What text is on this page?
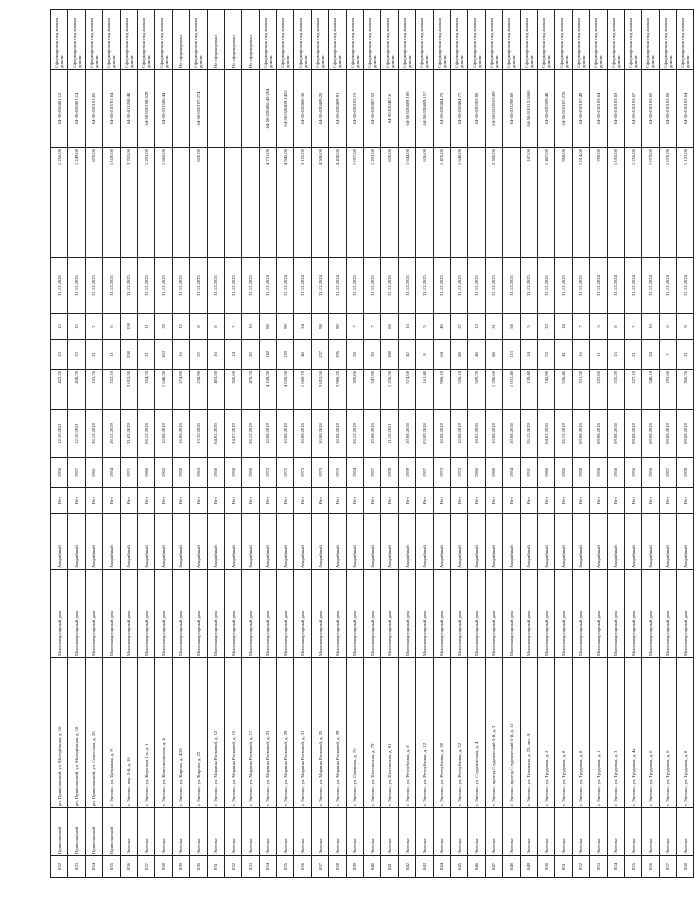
832	Приволжский	рп. Приволжский, ул. Молодёжная, д. 16	Многоквартирный дом	Аварийный	Нет	1956	12.10.2021	422,20	23	12	31.12.2026	1 256,00	64-30:050401:12	Сформирован под жилым домом
833	Приволжский	рп. Приволжский, ул. Молодёжная, д. 18	Многоквартирный дом	Аварийный	Нет	1957	12.10.2021	438,70	23	15	31.12.2026	1 249,00	64-30:050401:14	Сформирован под жилым домом
834	Приволжский	рп. Приволжский, ул. Советская, д. 2б	Многоквартирный дом	Аварийный	Нет	1961	26.12.2018	165,70	21	7	31.12.2025	870,00	64-30:050101:85	Сформирован под жилым домом
835	Приволжский	г. Энгельс, ул. Целинная, д. 9	Многоквартирный дом	Аварийный	Нет	1954	26.12.2019	332,10	11	6	31.12.2025	1 020,00	64-50:010701:64	Сформирован под жилым домом
836	Энгельс	г. Энгельс, пер. 5-й, д. 16	Многоквартирный дом	Аварийный	Нет	1971	21.02.2019	2 053,30	238	159	31.12.2025	3 702,00	64-50:011208:48	Сформирован под жилым домом
837	Энгельс	г. Энгельс, ул. Короткая 1-я, д. 1	Многоквартирный дом	Аварийный	Нет	1960	06.12.2018	354,70	21	11	31.12.2025	1 203,00	64-50:020108:529	Сформирован под жилым домом
838	Энгельс	г. Энгельс, ул. Комсомольская, д. 4	Многоквартирный дом	Аварийный	Нет	1962	10.08.2018	1 648,30	183	70	31.12.2025	1 866,00	64-50:021506:44	Сформирован под жилым домом
839	Энгельс	г. Энгельс, ул. Кирова, д. 4/26	Многоквартирный дом	Аварийный	Нет	1950	16.08.2018	274,80	16	12	31.12.2025			Не сформирован
830	Энгельс	г. Энгельс, ул. Кирова, д. 22	Многоквартирный дом	Аварийный	Нет	1963	13.10.2020	238,90	22	8	31.12.2025	820,00	64-50:050107:274	Сформирован под жилым домом
831	Энгельс	г. Энгельс, ул. Марины Расковой, д. 12	Многоквартирный дом	Аварийный	Нет	1950	04.02.2020	403,50	16	8	31.12.2025			Не сформирован
832	Энгельс	г. Энгельс, ул. Марины Расковой, д. 15	Многоквартирный дом	Аварийный	Нет	1950	24.07.2019	360,60	14	7	31.12.2025			Не сформирован
833	Энгельс	г. Энгельс, ул. Марины Расковой, д. 17	Многоквартирный дом	Аварийный	Нет	1950	26.12.2019	470,70	20	10	31.12.2025			Не сформирован
834	Энгельс	г. Энгельс, ул. Марины Расковой, д. 23	Многоквартирный дом	Аварийный	Нет	1972	10.08.2019	4 108,30	142	80	31.12.2024	4 731,00	64-50:020406:42:204	Сформирован под жилым домом
835	Энгельс	г. Энгельс, ул. Марины Расковой, д. 29	Многоквартирный дом	Аварийный	Нет	1975	10.08.2019	4 028,50	129	90	31.12.2024	4 945,00	64-50:020409:1456	Сформирован под жилым домом
836	Энгельс	г. Энгельс, ул. Марины Расковой, д. 31	Многоквартирный дом	Аварийный	Нет	1975	10.08.2018	1 060,70	46	24	31.12.2024	3 155,00	64-50:020406:36	Сформирован под жилым домом
837	Энгельс	г. Энгельс, ул. Марины Расковой, д. 35	Многоквартирный дом	Аварийный	Нет	1975	10.08.2018	3 853,50	137	98	31.12.2024	4 500,00	64-50:020409:20	Сформирован под жилым домом
838	Энгельс	г. Энгельс, ул. Марины Расковой, д. 39	Многоквартирный дом	Аварийный	Нет	1975	10.08.2018	3 980,20	195	90	31.12.2024	4 438,00	64-50:020409:91	Сформирован под жилым домом
839	Энгельс	г. Энгельс, ул. Олимпая, д. 75	Многоквартирный дом	Аварийный	Нет	1954	26.12.2019	309,00	28	7	31.12.2025	1 057,00	64-50:020103:15	Сформирован под жилым домом
840	Энгельс	г. Энгельс, ул. Полтавская, д. 79	Многоквартирный дом	Аварийный	Нет	1957	10.08.2018	347,90	20	7	31.12.2025	1 203,00	64-50:020407:53	Сформирован под жилым домом
841	Энгельс	г. Энгельс, ул. Полтавская, д. 81	Многоквартирный дом	Аварийный	Нет	1959	11.10.2021	1 250,30	180	86	31.12.2026	820,00	64-50:020407:6	Сформирован под жилым домом
842	Энгельс	г. Энгельс, ул. Республики, д. 8	Многоквартирный дом	Аварийный	Нет	1959	10.08.2018	574,00	42	15	31.12.2025	1 644,00	64-50:020409:106	Сформирован под жилым домом
843	Энгельс	г. Энгельс, ул. Республики, д. 12	Многоквартирный дом	Аварийный	Нет	1957	03.09.2018	161,40	8	5	31.12.2025	636,00	64-50:020409:157	Сформирован под жилым домом
844	Энгельс	г. Энгельс, ул. Республики, д. 30	Многоквартирный дом	Аварийный	Нет	1972	10.08.2018	986,10	64	40	31.12.2025	1 476,00	64-50:020404:75	Сформирован под жилым домом
845	Энгельс	г. Энгельс, ул. Республики, д. 32	Многоквартирный дом	Аварийный	Нет	1972	10.08.2019	556,10	88	37	31.12.2025	1 640,00	64-50:020404:77	Сформирован под жилым домом
846	Энгельс	г. Энгельс, ул. Студенческая, д. 4	Многоквартирный дом	Аварийный	Нет	1960	18.02.2020	509,70	46	13	31.12.2025		64-50:020303:96	Сформирован под жилым домом
847	Энгельс	г. Энгельс, проезд Студенческий 5-й, д. 3	Многоквартирный дом	Аварийный	Нет	1960	10.08.2018	1 290,60	88	31	31.12.2025	2 300,00	64-50:02:09:03:89	Сформирован под жилым домом
848	Энгельс	г. Энгельс, проезд Студенческий 5-й, д. 11	Многоквартирный дом	Аварийный	Нет	1954	10.08.2018	1 031,40	113	58	31.12.2025		64-50:021208:60	Сформирован под жилым домом
849	Энгельс	г. Энгельс, ул. Тельмана, д. 23, лит. А	Многоквартирный дом	Аварийный	Нет	1931	26.12.2019	139,40	14	5	31.12.2025	167,00	64-50:010112:1060	Сформирован под жилым домом
850	Энгельс	г. Энгельс, ул. Трудовая, д. 2	Многоквартирный дом	Аварийный	Нет	1960	04.02.2020	742,90	53	23	31.12.2026	1 467,00	64-50:020309:48	Сформирован под жилым домом
851	Энгельс	г. Энгельс, ул. Трудовая, д. 8	Многоквартирный дом	Аварийный	Нет	1950	26.12.2019	536,40	41	18	31.12.2025	958,00	64-50:010107:270	Сформирован под жилым домом
852	Энгельс	г. Энгельс, ул. Трудовая, д. 8	Многоквартирный дом	Аварийный	Нет	1958	09.08.2018	331,30	16	7	31.12.2025	1 014,00	64-50:010107:49	Сформирован под жилым домом
853	Энгельс	г. Энгельс, ул. Трудовая, д. 1	Многоквартирный дом	Аварийный	Нет	1956	09.08.2018	225,80	11	5	31.12.2024	709,00	64-50:010103:64	Сформирован под жилым домом
854	Энгельс	г. Энгельс, ул. Трудовая, д. 3	Многоквартирный дом	Аварийный	Нет	1956	09.08.2018	335,20	15	8	31.12.2024	1 055,00	64-50:010103:63	Сформирован под жилым домом
855	Энгельс	г. Энгельс, ул. Трудовая, д. 4а	Многоквартирный дом	Аварийный	Нет	1956	09.08.2018	227,10	21	7	31.12.2024	1 256,00	64-50:010103:67	Сформирован под жилым домом
856	Энгельс	г. Энгельс, ул. Трудовая, д. 6	Многоквартирный дом	Аварийный	Нет	1956	09.08.2018	348,10	24	10	31.12.2024	1 079,00	64-50:010103:65	Сформирован под жилым домом
857	Энгельс	г. Энгельс, ул. Трудовая, д. 6	Многоквартирный дом	Аварийный	Нет	1957	09.08.2018	193,60	7	6	31.12.2024	1 070,00	64-50:010103:66	Сформирован под жилым домом
858	Энгельс	г. Энгельс, ул. Трудовая, д. 8	Многоквартирный дом	Аварийный	Нет	1959	09.08.2018	306,70	21	9	31.12.2024	1 122,00	64-50:010103:64	Сформирован под жилым домом
